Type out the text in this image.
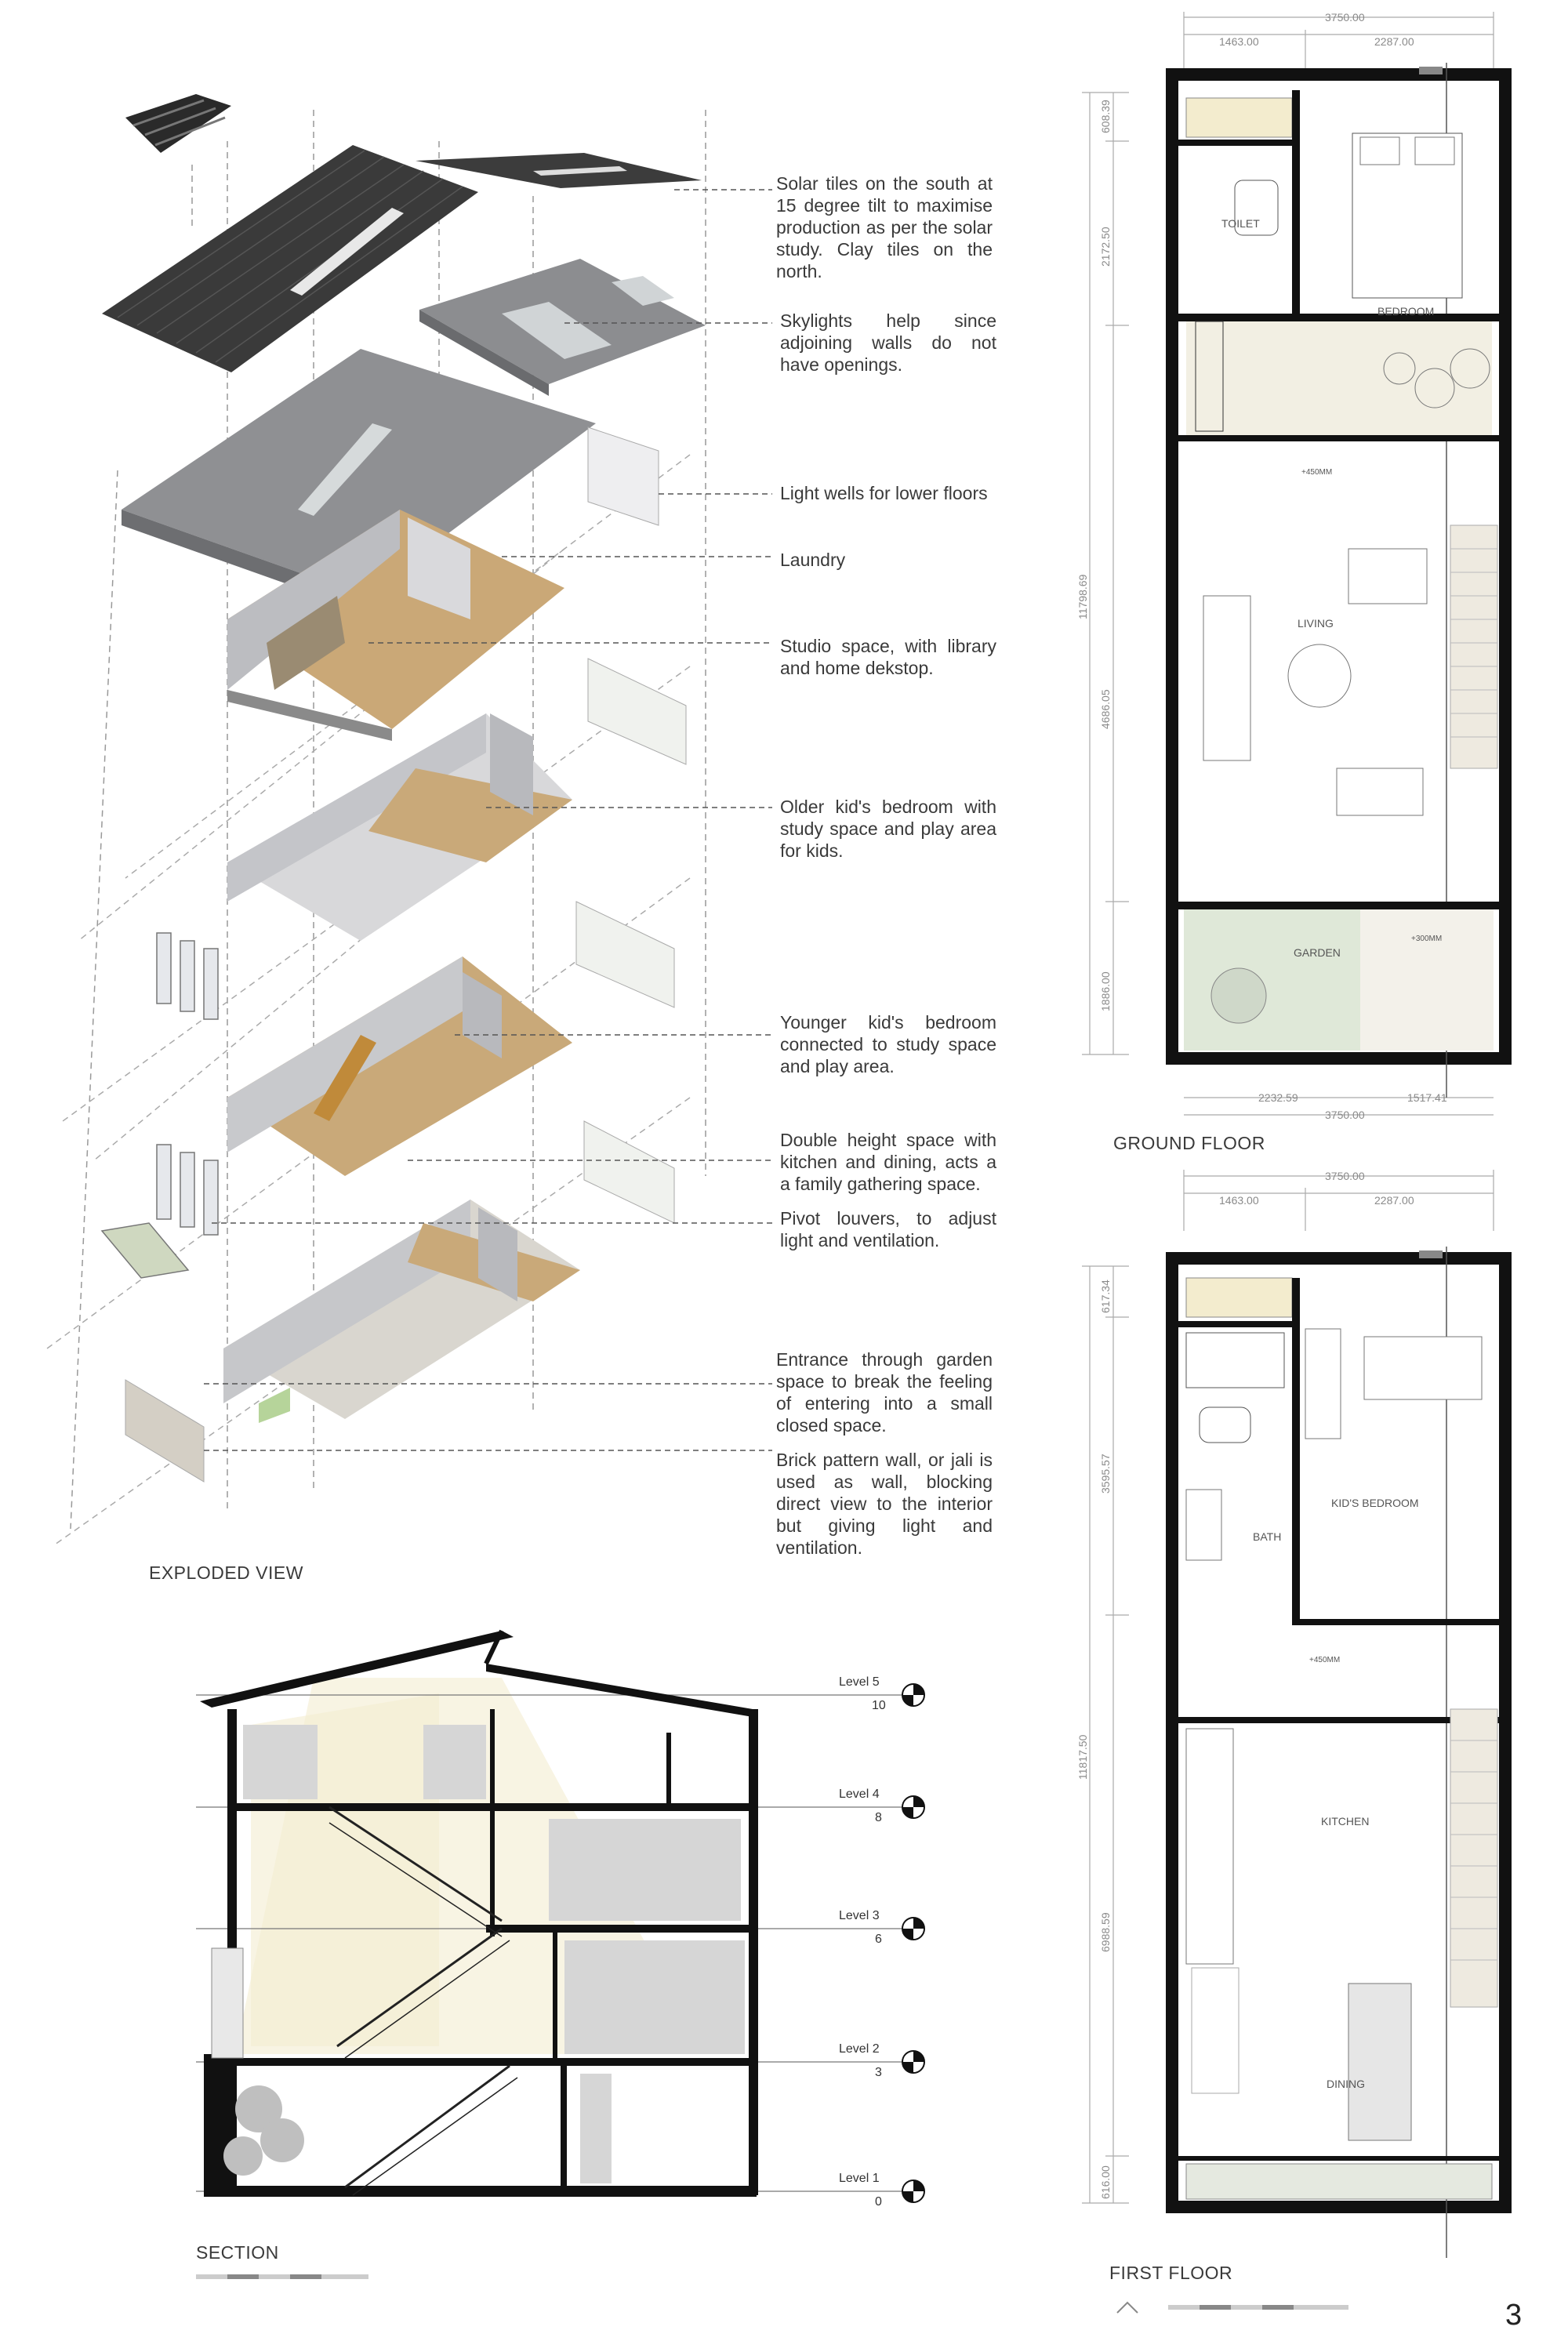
Solar tiles on the south at 15 degree tilt to maximise production as per the solar study. Clay tiles on the north.
Skylights help since adjoining walls do not have openings.
Light wells for lower floors
Laundry
Studio space, with library and home dekstop.
Older kid's bedroom with study space and play area for kids.
Younger kid's bedroom connected to study space and play area.
Double height space with kitchen and dining, acts a a family gathering space.
Pivot louvers, to adjust light and ventilation.
Entrance through garden space to break the feeling of entering into a small closed space.
Brick pattern wall, or jali is used as wall, blocking direct view to the interior but giving light and ventilation.
EXPLODED VIEW
Level 5
10
Level 4
8
Level 3
6
Level 2
3
Level 1
0
SECTION
3750.00
1463.00	2287.00
2232.59	1517.41
3750.00
608.39
2172.50
11798.69
4686.05
1886.00
TOILET
BEDROOM
+450MM
LIVING
GARDEN
+300MM
GROUND FLOOR
3750.00
1463.00	2287.00
617.34
3595.57
11817.50
6988.59
616.00
BATH
KID'S BEDROOM
+450MM
KITCHEN
DINING
FIRST FLOOR
3
